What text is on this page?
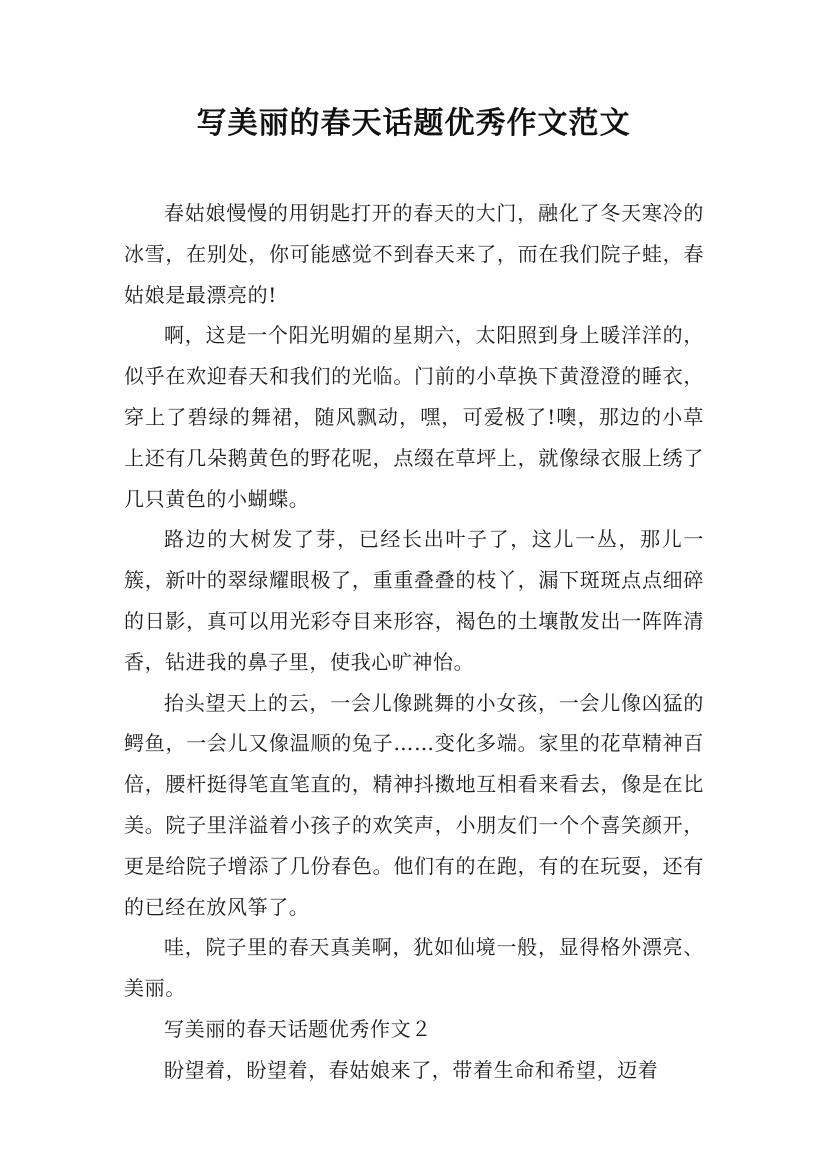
写美丽的春天话题优秀作文范文

春姑娘慢慢的用钥匙打开的春天的大门，融化了冬天寒冷的冰雪，在别处，你可能感觉不到春天来了，而在我们院子蛙，春姑娘是最漂亮的!

啊，这是一个阳光明媚的星期六，太阳照到身上暖洋洋的，似乎在欢迎春天和我们的光临。门前的小草换下黄澄澄的睡衣，穿上了碧绿的舞裙，随风飘动，嘿，可爱极了!噢，那边的小草上还有几朵鹅黄色的野花呢，点缀在草坪上，就像绿衣服上绣了几只黄色的小蝴蝶。

路边的大树发了芽，已经长出叶子了，这儿一丛，那儿一簇，新叶的翠绿耀眼极了，重重叠叠的枝丫，漏下斑斑点点细碎的日影，真可以用光彩夺目来形容，褐色的土壤散发出一阵阵清香，钻进我的鼻子里，使我心旷神怡。

抬头望天上的云，一会儿像跳舞的小女孩，一会儿像凶猛的鳄鱼，一会儿又像温顺的兔子……变化多端。家里的花草精神百倍，腰杆挺得笔直笔直的，精神抖擞地互相看来看去，像是在比美。院子里洋溢着小孩子的欢笑声，小朋友们一个个喜笑颜开，更是给院子增添了几份春色。他们有的在跑，有的在玩耍，还有的已经在放风筝了。

哇，院子里的春天真美啊，犹如仙境一般，显得格外漂亮、美丽。

写美丽的春天话题优秀作文２

盼望着，盼望着，春姑娘来了，带着生命和希望，迈着
